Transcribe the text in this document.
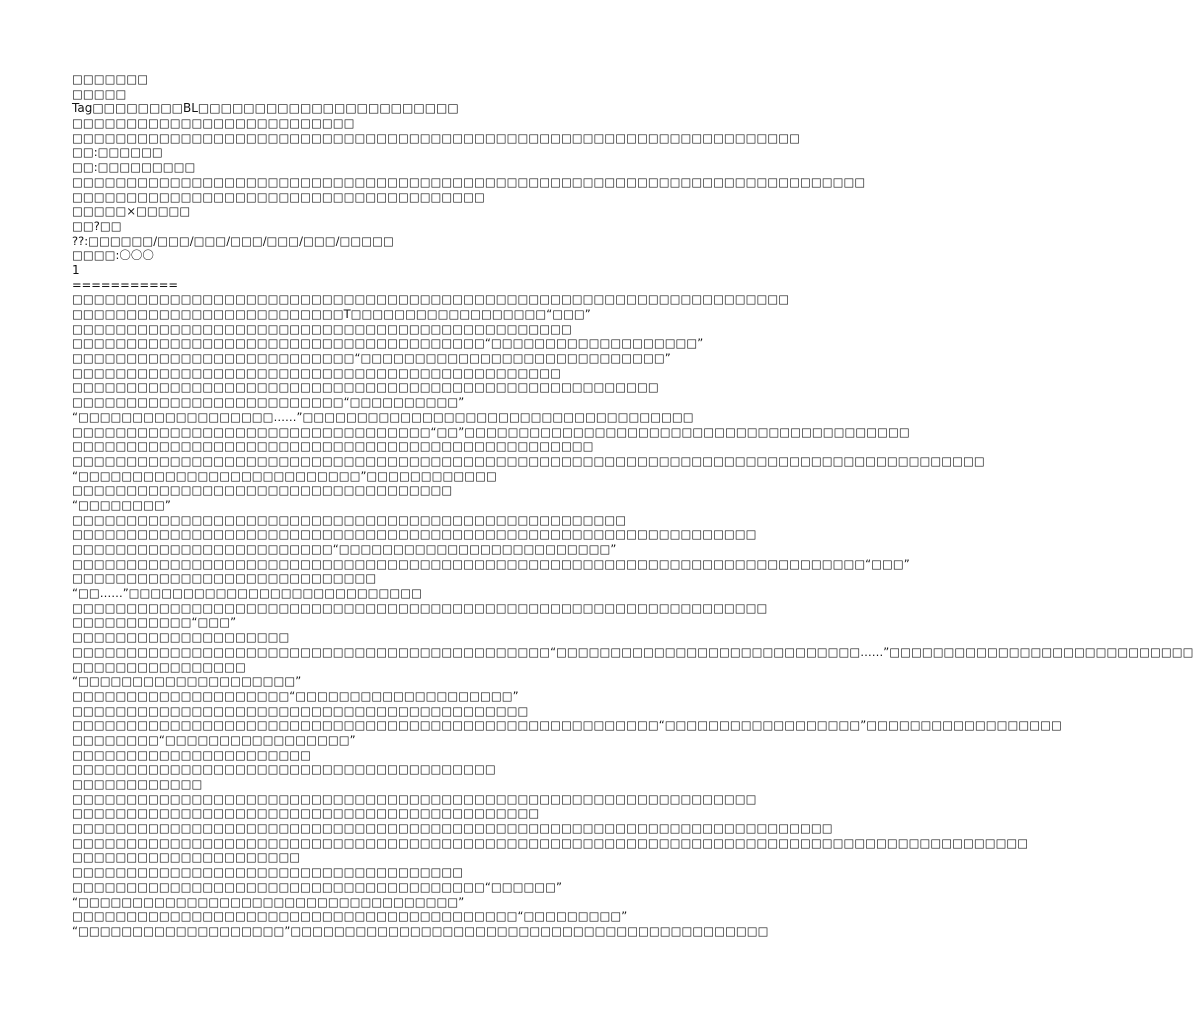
□□□□□□□
□□□□□
Tag□□□□□□□□BL□□□□□□□□□□□□□□□□□□□□□□□
□□□□□□□□□□□□□□□□□□□□□□□□□□
□□□□□□□□□□□□□□□□□□□□□□□□□□□□□□□□□□□□□□□□□□□□□□□□□□□□□□□□□□□□□□□□□□□
□□:□□□□□□
□□:□□□□□□□□□
□□□□□□□□□□□□□□□□□□□□□□□□□□□□□□□□□□□□□□□□□□□□□□□□□□□□□□□□□□□□□□□□□□□□□□□□□
□□□□□□□□□□□□□□□□□□□□□□□□□□□□□□□□□□□□□□
□□□□□×□□□□□
□□?□□
??:□□□□□□/□□□/□□□/□□□/□□□/□□□/□□□□□
□□□□:〇〇〇
1
===========
□□□□□□□□□□□□□□□□□□□□□□□□□□□□□□□□□□□□□□□□□□□□□□□□□□□□□□□□□□□□□□□□□□
□□□□□□□□□□□□□□□□□□□□□□□□□T□□□□□□□□□□□□□□□□□□“□□□”
□□□□□□□□□□□□□□□□□□□□□□□□□□□□□□□□□□□□□□□□□□□□□□
□□□□□□□□□□□□□□□□□□□□□□□□□□□□□□□□□□□□□□“□□□□□□□□□□□□□□□□□□□”
□□□□□□□□□□□□□□□□□□□□□□□□□□“□□□□□□□□□□□□□□□□□□□□□□□□□□□□”
□□□□□□□□□□□□□□□□□□□□□□□□□□□□□□□□□□□□□□□□□□□□□
□□□□□□□□□□□□□□□□□□□□□□□□□□□□□□□□□□□□□□□□□□□□□□□□□□□□□□
□□□□□□□□□□□□□□□□□□□□□□□□□“□□□□□□□□□□”
“□□□□□□□□□□□□□□□□□□……”□□□□□□□□□□□□□□□□□□□□□□□□□□□□□□□□□□□□
□□□□□□□□□□□□□□□□□□□□□□□□□□□□□□□□□“□□”□□□□□□□□□□□□□□□□□□□□□□□□□□□□□□□□□□□□□□□□□
□□□□□□□□□□□□□□□□□□□□□□□□□□□□□□□□□□□□□□□□□□□□□□□□
□□□□□□□□□□□□□□□□□□□□□□□□□□□□□□□□□□□□□□□□□□□□□□□□□□□□□□□□□□□□□□□□□□□□□□□□□□□□□□□□□□□□
“□□□□□□□□□□□□□□□□□□□□□□□□□□”□□□□□□□□□□□□
□□□□□□□□□□□□□□□□□□□□□□□□□□□□□□□□□□□
“□□□□□□□□”
□□□□□□□□□□□□□□□□□□□□□□□□□□□□□□□□□□□□□□□□□□□□□□□□□□□
□□□□□□□□□□□□□□□□□□□□□□□□□□□□□□□□□□□□□□□□□□□□□□□□□□□□□□□□□□□□□□□
□□□□□□□□□□□□□□□□□□□□□□□□“□□□□□□□□□□□□□□□□□□□□□□□□□”
□□□□□□□□□□□□□□□□□□□□□□□□□□□□□□□□□□□□□□□□□□□□□□□□□□□□□□□□□□□□□□□□□□□□□□□□□“□□□”
□□□□□□□□□□□□□□□□□□□□□□□□□□□□
“□□……”□□□□□□□□□□□□□□□□□□□□□□□□□□□
□□□□□□□□□□□□□□□□□□□□□□□□□□□□□□□□□□□□□□□□□□□□□□□□□□□□□□□□□□□□□□□□
□□□□□□□□□□□“□□□”
□□□□□□□□□□□□□□□□□□□□
□□□□□□□□□□□□□□□□□□□□□□□□□□□□□□□□□□□□□□□□□□□□“□□□□□□□□□□□□□□□□□□□□□□□□□□□□……”□□□□□□□□□□□□□□□□□□□□□□□□□□□□
□□□□□□□□□□□□□□□□
“□□□□□□□□□□□□□□□□□□□□”
□□□□□□□□□□□□□□□□□□□□“□□□□□□□□□□□□□□□□□□□□”
□□□□□□□□□□□□□□□□□□□□□□□□□□□□□□□□□□□□□□□□□□
□□□□□□□□□□□□□□□□□□□□□□□□□□□□□□□□□□□□□□□□□□□□□□□□□□□□□□“□□□□□□□□□□□□□□□□□□”□□□□□□□□□□□□□□□□□□
□□□□□□□□“□□□□□□□□□□□□□□□□□”
□□□□□□□□□□□□□□□□□□□□□□
□□□□□□□□□□□□□□□□□□□□□□□□□□□□□□□□□□□□□□□
□□□□□□□□□□□□
□□□□□□□□□□□□□□□□□□□□□□□□□□□□□□□□□□□□□□□□□□□□□□□□□□□□□□□□□□□□□□□
□□□□□□□□□□□□□□□□□□□□□□□□□□□□□□□□□□□□□□□□□□□
□□□□□□□□□□□□□□□□□□□□□□□□□□□□□□□□□□□□□□□□□□□□□□□□□□□□□□□□□□□□□□□□□□□□□□
□□□□□□□□□□□□□□□□□□□□□□□□□□□□□□□□□□□□□□□□□□□□□□□□□□□□□□□□□□□□□□□□□□□□□□□□□□□□□□□□□□□□□□□□
□□□□□□□□□□□□□□□□□□□□□
□□□□□□□□□□□□□□□□□□□□□□□□□□□□□□□□□□□□
□□□□□□□□□□□□□□□□□□□□□□□□□□□□□□□□□□□□□□“□□□□□□”
“□□□□□□□□□□□□□□□□□□□□□□□□□□□□□□□□□□□”
□□□□□□□□□□□□□□□□□□□□□□□□□□□□□□□□□□□□□□□□□“□□□□□□□□□”
“□□□□□□□□□□□□□□□□□□□”□□□□□□□□□□□□□□□□□□□□□□□□□□□□□□□□□□□□□□□□□□□□
